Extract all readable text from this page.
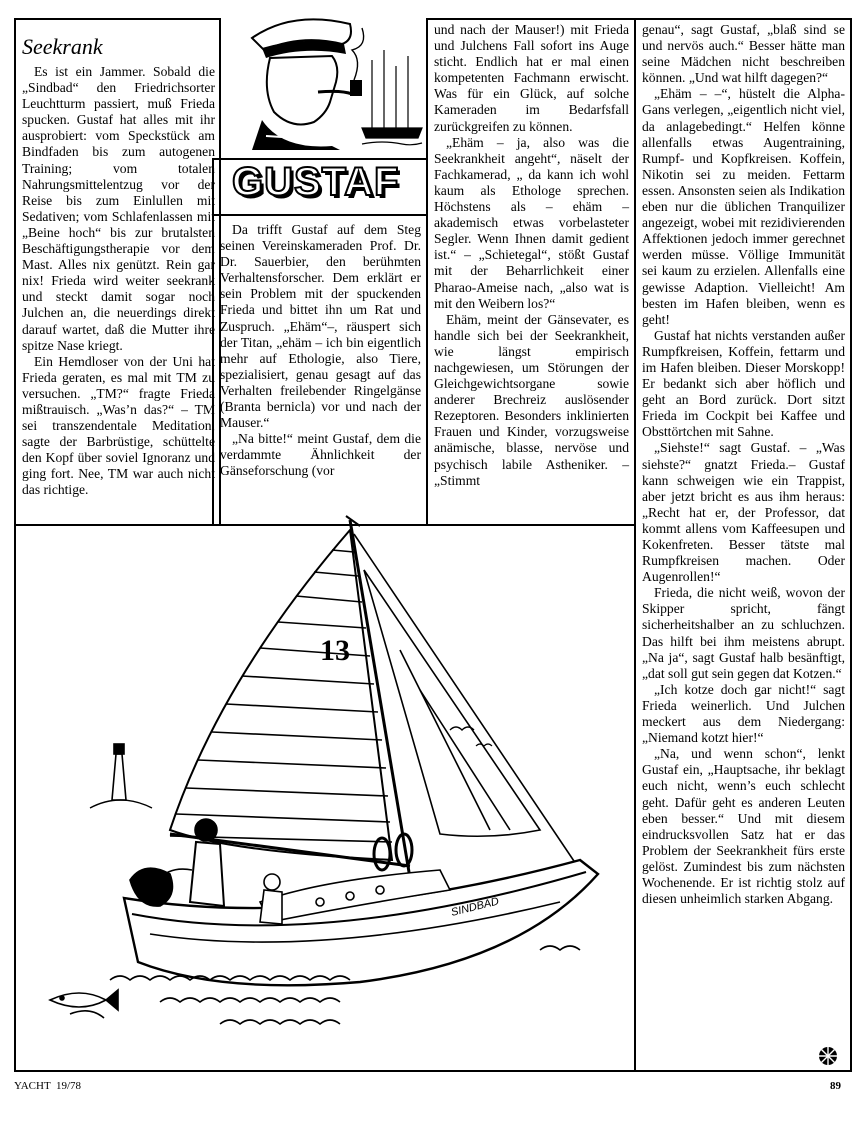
GUSTAF
Seekrank

Es ist ein Jammer. Sobald die „Sindbad“ den Friedrichsorter Leuchtturm passiert, muß Frieda spucken. Gustaf hat alles mit ihr ausprobiert: vom Speckstück am Bindfaden bis zum autogenen Training; vom totalen Nahrungsmittelentzug vor der Reise bis zum Einlullen mit Sedativen; vom Schlafenlassen mit „Beine hoch“ bis zur brutalsten Beschäftigungstherapie vor dem Mast. Alles nix genützt. Rein gar nix! Frieda wird weiter seekrank und steckt damit sogar noch Julchen an, die neuerdings direkt darauf wartet, daß die Mutter ihre spitze Nase kriegt.

Ein Hemdloser von der Uni hat Frieda geraten, es mal mit TM zu versuchen. „TM?“ fragte Frieda mißtrauisch. „Was’n das?“ – TM sei transzendentale Meditation, sagte der Barbrüstige, schüttelte den Kopf über soviel Ignoranz und ging fort. Nee, TM war auch nicht das richtige.

Da trifft Gustaf auf dem Steg seinen Vereinskameraden Prof. Dr. Dr. Sauerbier, den berühmten Verhaltensforscher. Dem erklärt er sein Problem mit der spuckenden Frieda und bittet ihn um Rat und Zuspruch. „Ehäm“–, räuspert sich der Titan, „ehäm – ich bin eigentlich mehr auf Ethologie, also Tiere, spezialisiert, genau gesagt auf das Verhalten freilebender Ringelgänse (Branta bernicla) vor und nach der Mauser.“

„Na bitte!“ meint Gustaf, dem die verdammte Ähnlichkeit der Gänseforschung (vor

und nach der Mauser!) mit Frieda und Julchens Fall sofort ins Auge sticht. Endlich hat er mal einen kompetenten Fachmann erwischt. Was für ein Glück, auf solche Kameraden im Bedarfsfall zurückgreifen zu können.

„Ehäm – ja, also was die Seekrankheit angeht“, näselt der Fachkamerad, „ da kann ich wohl kaum als Ethologe sprechen. Höchstens als – ehäm – akademisch etwas vorbelasteter Segler. Wenn Ihnen damit gedient ist.“ – „Schietegal“, stößt Gustaf mit der Beharrlichkeit einer Pharao-Ameise nach, „also wat is mit den Weibern los?“

Ehäm, meint der Gänsevater, es handle sich bei der Seekrankheit, wie längst empirisch nachgewiesen, um Störungen der Gleichgewichtsorgane sowie anderer Brechreiz auslösender Rezeptoren. Besonders inklinierten Frauen und Kinder, vorzugsweise anämische, blasse, nervöse und psychisch labile Astheniker. – „Stimmt

genau“, sagt Gustaf, „blaß sind se und nervös auch.“ Besser hätte man seine Mädchen nicht beschreiben können. „Und wat hilft dagegen?“

„Ehäm – –“, hüstelt die Alpha-Gans verlegen, „eigentlich nicht viel, da anlagebedingt.“ Helfen könne allenfalls etwas Augentraining, Rumpf- und Kopfkreisen. Koffein, Nikotin sei zu meiden. Fettarm essen. Ansonsten seien als Indikation eben nur die üblichen Tranquilizer angezeigt, wobei mit rezidivierenden Affektionen jedoch immer gerechnet werden müsse. Völlige Immunität sei kaum zu erzielen. Allenfalls eine gewisse Adaption. Vielleicht! Am besten im Hafen bleiben, wenn es geht!

Gustaf hat nichts verstanden außer Rumpfkreisen, Koffein, fettarm und im Hafen bleiben. Dieser Morskopp! Er bedankt sich aber höflich und geht an Bord zurück. Dort sitzt Frieda im Cockpit bei Kaffee und Obsttörtchen mit Sahne.

„Siehste!“ sagt Gustaf. – „Was siehste?“ gnatzt Frieda.– Gustaf kann schweigen wie ein Trappist, aber jetzt bricht es aus ihm heraus: „Recht hat er, der Professor, dat kommt allens vom Kaffeesupen und Kokenfreten. Besser tätste mal Rumpfkreisen machen. Oder Augenrollen!“

Frieda, die nicht weiß, wovon der Skipper spricht, fängt sicherheitshalber an zu schluchzen. Das hilft bei ihm meistens abrupt. „Na ja“, sagt Gustaf halb besänftigt, „dat soll gut sein gegen dat Kotzen.“

„Ich kotze doch gar nicht!“ sagt Frieda weinerlich. Und Julchen meckert aus dem Niedergang: „Niemand kotzt hier!“

„Na, und wenn schon“, lenkt Gustaf ein, „Hauptsache, ihr beklagt euch nicht, wenn’s euch schlecht geht. Dafür geht es anderen Leuten eben besser.“ Und mit diesem eindrucksvollen Satz hat er das Problem der Seekrankheit fürs erste gelöst. Zumindest bis zum nächsten Wochenende. Er ist richtig stolz auf diesen unheimlich starken Abgang.

13
SINDBAD
YACHT 19/78	89
